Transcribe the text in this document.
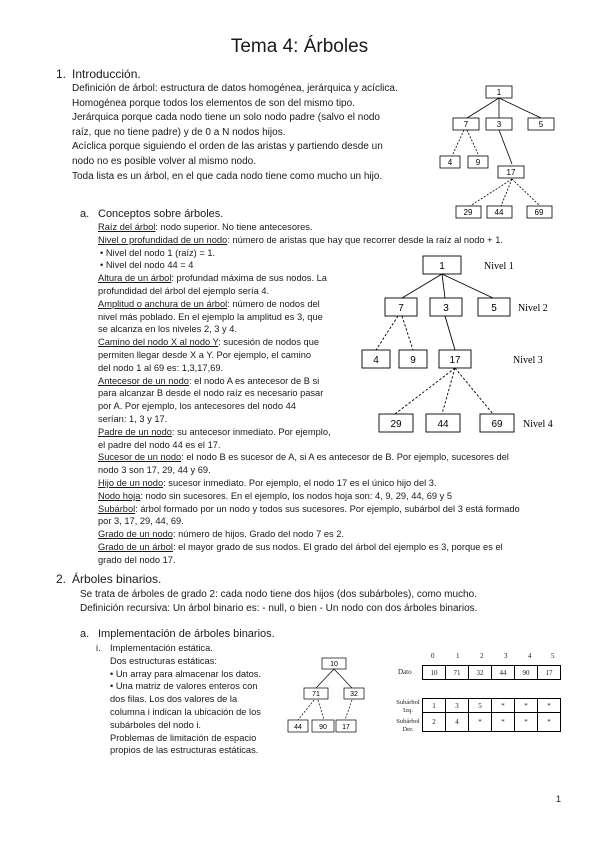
Tema 4: Árboles
1. Introducción.
Definición de árbol: estructura de datos homogénea, jerárquica y acíclica.
Homogénea porque todos los elementos de son del mismo tipo.
Jerárquica porque cada nodo tiene un solo nodo padre (salvo el nodo
raíz, que no tiene padre) y de 0 a N nodos hijos.
Acíclica porque siguiendo el orden de las aristas y partiendo desde un
nodo no es posible volver al mismo nodo.
Toda lista es un árbol, en el que cada nodo tiene como mucho un hijo.
1
7	3	5
4	9
17
29	44	69
a. Conceptos sobre árboles.
Raíz del árbol: nodo superior. No tiene antecesores.
Nivel o profundidad de un nodo: número de aristas que hay que recorrer desde la raíz al nodo + 1.
• Nivel del nodo 1 (raíz) = 1.
• Nivel del nodo 44 = 4
Altura de un árbol: profundad máxima de sus nodos. La
profundidad del árbol del ejemplo sería 4.
Amplitud o anchura de un árbol: número de nodos del
nivel más poblado. En el ejemplo la amplitud es 3, que
se alcanza en los niveles 2, 3 y 4.
Camino del nodo X al nodo Y: sucesión de nodos que
permiten llegar desde X a Y. Por ejemplo, el camino
del nodo 1 al 69 es: 1,3,17,69.
Antecesor de un nodo: el nodo A es antecesor de B si
para alcanzar B desde el nodo raíz es necesario pasar
por A. Por ejemplo, los antecesores del nodo 44
serían: 1, 3 y 17.
Padre de un nodo: su antecesor inmediato. Por ejemplo,
el padre del nodo 44 es el 17.
Sucesor de un nodo: el nodo B es sucesor de A, si A es antecesor de B. Por ejemplo, sucesores del
nodo 3 son 17, 29, 44 y 69.
Hijo de un nodo: sucesor inmediato. Por ejemplo, el nodo 17 es el único hijo del 3.
Nodo hoja: nodo sin sucesores. En el ejemplo, los nodos hoja son: 4, 9, 29, 44, 69 y 5
Subárbol: árbol formado por un nodo y todos sus sucesores. Por ejemplo, subárbol del 3 está formado
por 3, 17, 29, 44, 69.
Grado de un nodo: número de hijos. Grado del nodo 7 es 2.
Grado de un árbol: el mayor grado de sus nodos. El grado del árbol del ejemplo es 3, porque es el
grado del nodo 17.
1
7	3	5
4	9	17
29	44	69
Nivel 1
Nivel 2
Nivel 3
Nivel 4
2. Árboles binarios.
Se trata de árboles de grado 2: cada nodo tiene dos hijos (dos subárboles), como mucho.
Definición recursiva: Un árbol binario es: - null, o bien - Un nodo con dos árboles binarios.
a. Implementación de árboles binarios.
i. Implementación estática.
Dos estructuras estáticas:
• Un array para almacenar los datos.
• Una matriz de valores enteros con
dos filas. Los dos valores de la
columna i indican la ubicación de los
subárboles del nodo i.
Problemas de limitación de espacio
propios de las estructuras estáticas.
10
71	32
44 90 17
0	1	2	3	4	5
Dato	10	71	32	44	90	17
Subárbol
Izq.
Subárbol
Der.
1	3	5	*	*	*
2	4	*	*	*	*
1
